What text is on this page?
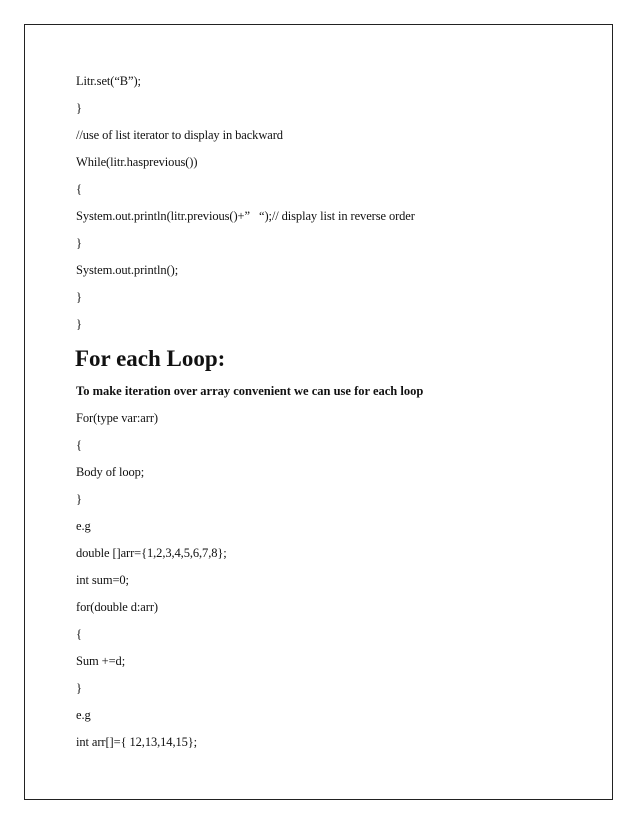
Litr.set(“B”);
}
//use of list iterator to display in backward
While(litr.hasprevious())
{
System.out.println(litr.previous()+”   “);// display list in reverse order
}
System.out.println();
}
}
For each Loop:
To make iteration over array convenient we can use for each loop
For(type var:arr)
{
Body of loop;
}
e.g
double []arr={1,2,3,4,5,6,7,8};
int sum=0;
for(double d:arr)
{
Sum +=d;
}
e.g
int arr[]={ 12,13,14,15};
